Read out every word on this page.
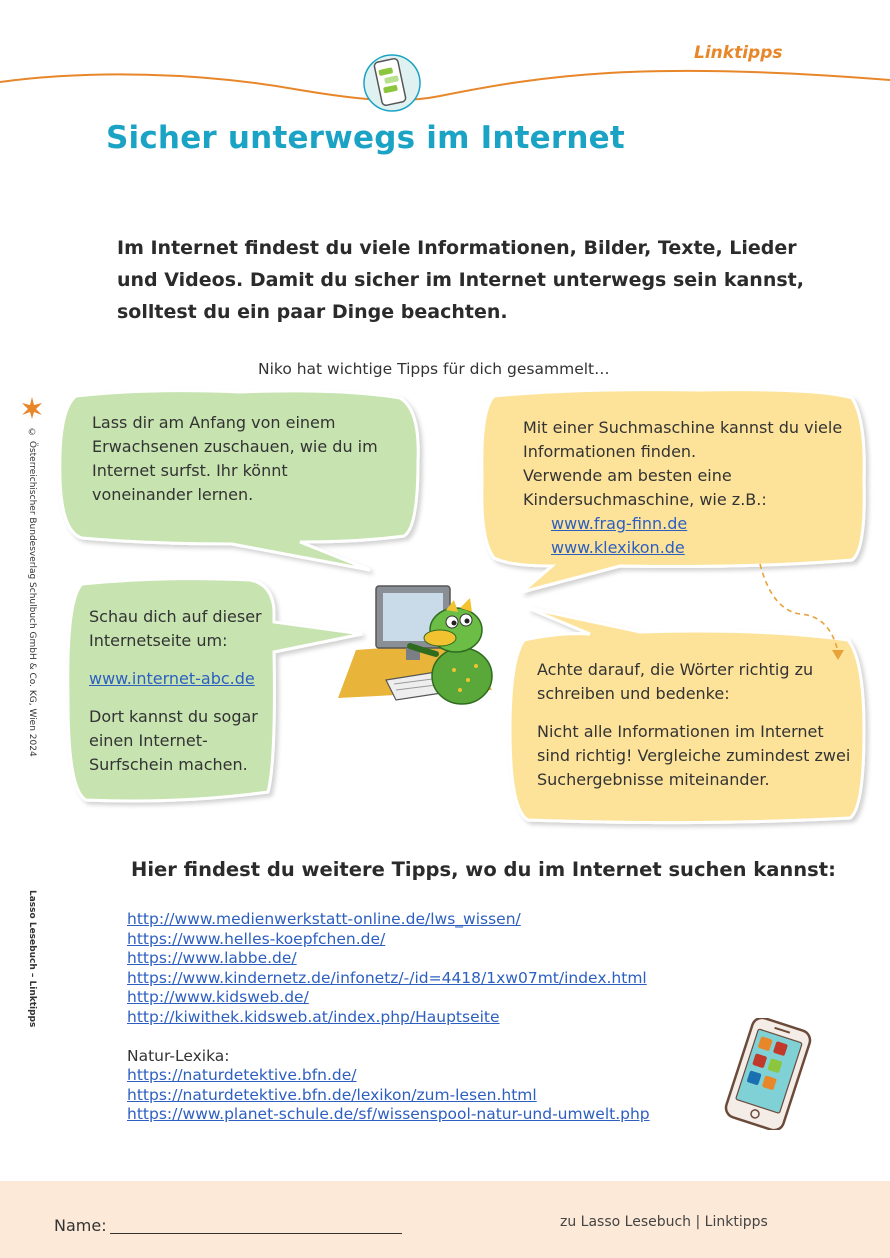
Linktipps
Sicher unterwegs im Internet
Im Internet findest du viele Informationen, Bilder, Texte, Lieder und Videos. Damit du sicher im Internet unterwegs sein kannst, solltest du ein paar Dinge beachten.
Niko hat wichtige Tipps für dich gesammelt…
Lass dir am Anfang von einem Erwachsenen zuschauen, wie du im Internet surfst. Ihr könnt voneinander lernen.
Mit einer Suchmaschine kannst du viele Informationen finden.
Verwende am besten eine Kindersuchmaschine, wie z.B.:
www.frag-finn.de
www.klexikon.de
Schau dich auf dieser Internetseite um:
www.internet-abc.de
Dort kannst du sogar einen Internet-Surfschein machen.
Achte darauf, die Wörter richtig zu schreiben und bedenke:
Nicht alle Informationen im Internet sind richtig! Vergleiche zumindest zwei Suchergebnisse miteinander.
Hier findest du weitere Tipps, wo du im Internet suchen kannst:
http://www.medienwerkstatt-online.de/lws_wissen/
https://www.helles-koepfchen.de/
https://www.labbe.de/
https://www.kindernetz.de/infonetz/-/id=4418/1xw07mt/index.html
http://www.kidsweb.de/
http://kiwithek.kidsweb.at/index.php/Hauptseite
Natur-Lexika:
https://naturdetektive.bfn.de/
https://naturdetektive.bfn.de/lexikon/zum-lesen.html
https://www.planet-schule.de/sf/wissenspool-natur-und-umwelt.php
© Österreichischer Bundesverlag Schulbuch GmbH & Co. KG, Wien 2024
Lasso Lesebuch – Linktipps
Name:	zu Lasso Lesebuch | Linktipps
